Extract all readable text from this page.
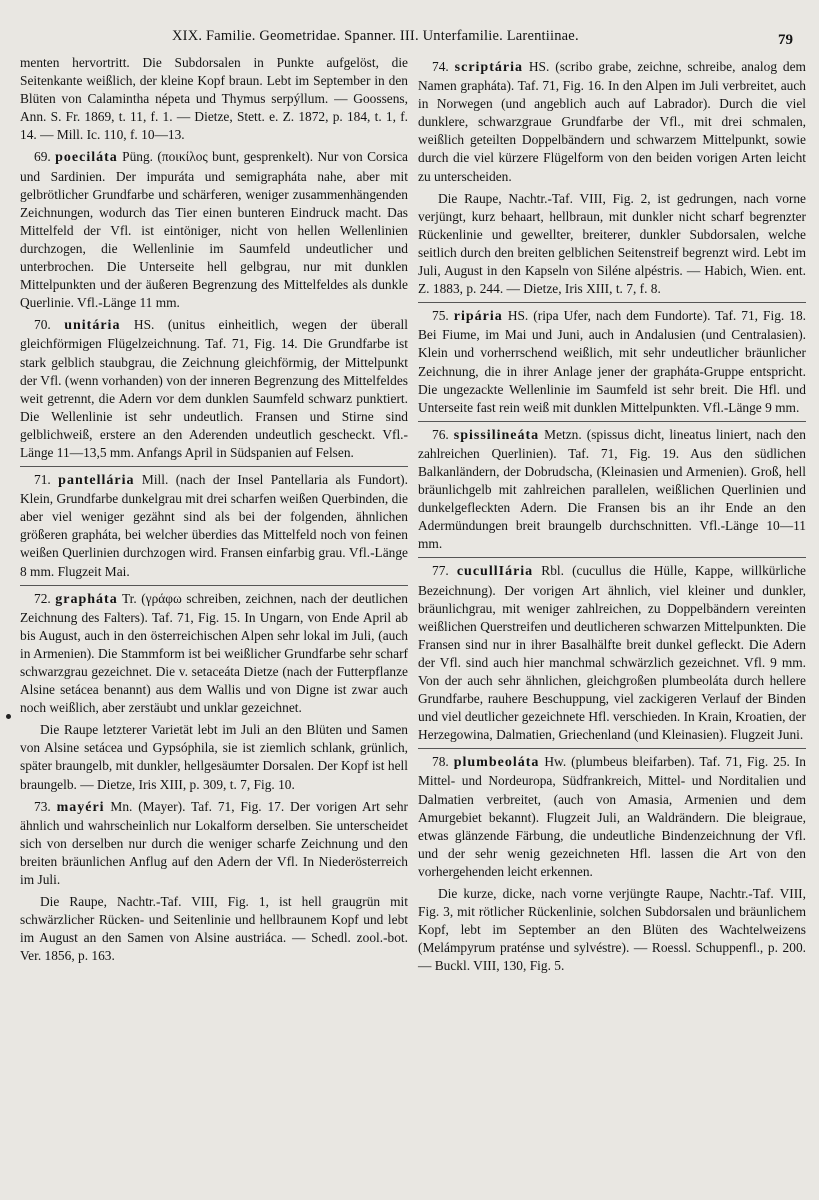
XIX. Familie. Geometridae. Spanner. III. Unterfamilie. Larentiinae.	79

menten hervortritt. Die Subdorsalen in Punkte aufgelöst, die Seitenkante weißlich, der kleine Kopf braun. Lebt im September in den Blüten von Calamintha népeta und Thymus serpýllum. — Goossens, Ann. S. Fr. 1869, t. 11, f. 1. — Dietze, Stett. e. Z. 1872, p. 184, t. 1, f. 14. — Mill. Ic. 110, f. 10—13.

69. poeciláta Püng. (ποικίλος bunt, gesprenkelt). Nur von Corsica und Sardinien. Der impuráta und semigrapháta nahe, aber mit gelbrötlicher Grundfarbe und schärferen, weniger zusammenhängenden Zeichnungen, wodurch das Tier einen bunteren Eindruck macht. Das Mittelfeld der Vfl. ist eintöniger, nicht von hellen Wellenlinien durchzogen, die Wellenlinie im Saumfeld undeutlicher und unterbrochen. Die Unterseite hell gelbgrau, nur mit dunklen Mittelpunkten und der äußeren Begrenzung des Mittelfeldes als dunkle Querlinie. Vfl.-Länge 11 mm.

70. unitária HS. (unitus einheitlich, wegen der überall gleichförmigen Flügelzeichnung. Taf. 71, Fig. 14. Die Grundfarbe ist stark gelblich staubgrau, die Zeichnung gleichförmig, der Mittelpunkt der Vfl. (wenn vorhanden) von der inneren Begrenzung des Mittelfeldes weit getrennt, die Adern vor dem dunklen Saumfeld schwarz punktiert. Die Wellenlinie ist sehr undeutlich. Fransen und Stirne sind gelblichweiß, erstere an den Aderenden undeutlich gescheckt. Vfl.-Länge 11—13,5 mm. Anfangs April in Südspanien auf Felsen.

71. pantellária Mill. (nach der Insel Pantellaria als Fundort). Klein, Grundfarbe dunkelgrau mit drei scharfen weißen Querbinden, die aber viel weniger gezähnt sind als bei der folgenden, ähnlichen größeren grapháta, bei welcher überdies das Mittelfeld noch von feinen weißen Querlinien durchzogen wird. Fransen einfarbig grau. Vfl.-Länge 8 mm. Flugzeit Mai.

72. grapháta Tr. (γράφω schreiben, zeichnen, nach der deutlichen Zeichnung des Falters). Taf. 71, Fig. 15. In Ungarn, von Ende April ab bis August, auch in den österreichischen Alpen sehr lokal im Juli, (auch in Armenien). Die Stammform ist bei weißlicher Grundfarbe sehr scharf schwarzgrau gezeichnet. Die v. setaceáta Dietze (nach der Futterpflanze Alsine setácea benannt) aus dem Wallis und von Digne ist zwar auch noch weißlich, aber zerstäubt und unklar gezeichnet.

Die Raupe letzterer Varietät lebt im Juli an den Blüten und Samen von Alsine setácea und Gypsóphila, sie ist ziemlich schlank, grünlich, später braungelb, mit dunkler, hellgesäumter Dorsalen. Der Kopf ist hell braungelb. — Dietze, Iris XIII, p. 309, t. 7, Fig. 10.

73. mayéri Mn. (Mayer). Taf. 71, Fig. 17. Der vorigen Art sehr ähnlich und wahrscheinlich nur Lokalform derselben. Sie unterscheidet sich von derselben nur durch die weniger scharfe Zeichnung und den breiten bräunlichen Anflug auf den Adern der Vfl. In Niederösterreich im Juli.

Die Raupe, Nachtr.-Taf. VIII, Fig. 1, ist hell graugrün mit schwärzlicher Rücken- und Seitenlinie und hellbraunem Kopf und lebt im August an den Samen von Alsine austriáca. — Schedl. zool.-bot. Ver. 1856, p. 163.

74. scriptária HS. (scribo grabe, zeichne, schreibe, analog dem Namen grapháta). Taf. 71, Fig. 16. In den Alpen im Juli verbreitet, auch in Norwegen (und angeblich auch auf Labrador). Durch die viel dunklere, schwarzgraue Grundfarbe der Vfl., mit drei schmalen, weißlich geteilten Doppelbändern und schwarzem Mittelpunkt, sowie durch die viel kürzere Flügelform von den beiden vorigen Arten leicht zu unterscheiden.

Die Raupe, Nachtr.-Taf. VIII, Fig. 2, ist gedrungen, nach vorne verjüngt, kurz behaart, hellbraun, mit dunkler nicht scharf begrenzter Rückenlinie und gewellter, breiterer, dunkler Subdorsalen, welche seitlich durch den breiten gelblichen Seitenstreif begrenzt wird. Lebt im Juli, August in den Kapseln von Siléne alpéstris. — Habich, Wien. ent. Z. 1883, p. 244. — Dietze, Iris XIII, t. 7, f. 8.

75. ripária HS. (ripa Ufer, nach dem Fundorte). Taf. 71, Fig. 18. Bei Fiume, im Mai und Juni, auch in Andalusien (und Centralasien). Klein und vorherrschend weißlich, mit sehr undeutlicher bräunlicher Zeichnung, die in ihrer Anlage jener der grapháta-Gruppe entspricht. Die ungezackte Wellenlinie im Saumfeld ist sehr breit. Die Hfl. und Unterseite fast rein weiß mit dunklen Mittelpunkten. Vfl.-Länge 9 mm.

76. spissilineáta Metzn. (spissus dicht, lineatus liniert, nach den zahlreichen Querlinien). Taf. 71, Fig. 19. Aus den südlichen Balkanländern, der Dobrudscha, (Kleinasien und Armenien). Groß, hell bräunlichgelb mit zahlreichen parallelen, weißlichen Querlinien und dunkelgefleckten Adern. Die Fransen bis an ihr Ende an den Adermündungen breit braungelb durchschnitten. Vfl.-Länge 10—11 mm.

77. cucullIária Rbl. (cucullus die Hülle, Kappe, willkürliche Bezeichnung). Der vorigen Art ähnlich, viel kleiner und dunkler, bräunlichgrau, mit weniger zahlreichen, zu Doppelbändern vereinten weißlichen Querstreifen und deutlicheren schwarzen Mittelpunkten. Die Fransen sind nur in ihrer Basalhälfte breit dunkel gefleckt. Die Adern der Vfl. sind auch hier manchmal schwärzlich gezeichnet. Vfl. 9 mm. Von der auch sehr ähnlichen, gleichgroßen plumbeoláta durch hellere Grundfarbe, rauhere Beschuppung, viel zackigeren Verlauf der Binden und viel deutlicher gezeichnete Hfl. verschieden. In Krain, Kroatien, der Herzegowina, Dalmatien, Griechenland (und Kleinasien). Flugzeit Juni.

78. plumbeoláta Hw. (plumbeus bleifarben). Taf. 71, Fig. 25. In Mittel- und Nordeuropa, Südfrankreich, Mittel- und Norditalien und Dalmatien verbreitet, (auch von Amasia, Armenien und dem Amurgebiet bekannt). Flugzeit Juli, an Waldrändern. Die bleigraue, etwas glänzende Färbung, die undeutliche Bindenzeichnung der Vfl. und der sehr wenig gezeichneten Hfl. lassen die Art von den vorhergehenden leicht erkennen.

Die kurze, dicke, nach vorne verjüngte Raupe, Nachtr.-Taf. VIII, Fig. 3, mit rötlicher Rückenlinie, solchen Subdorsalen und bräunlichem Kopf, lebt im September an den Blüten des Wachtelweizens (Melámpyrum praténse und sylvéstre). — Roessl. Schuppenfl., p. 200. — Buckl. VIII, 130, Fig. 5.
